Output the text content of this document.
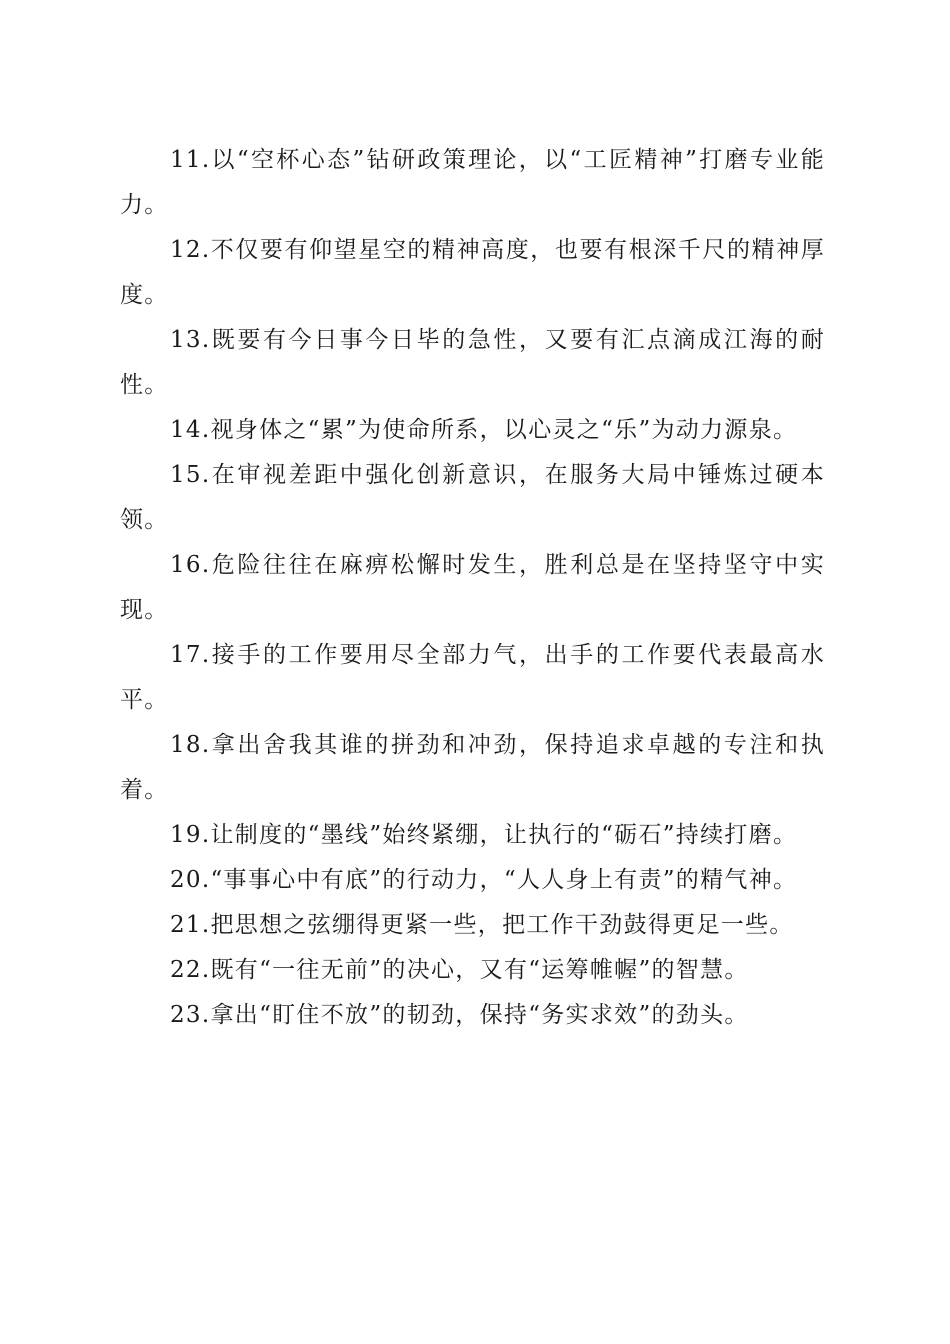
11.以“空杯心态”钻研政策理论，以“工匠精神”打磨专业能力。

12.不仅要有仰望星空的精神高度，也要有根深千尺的精神厚度。

13.既要有今日事今日毕的急性，又要有汇点滴成江海的耐性。

14.视身体之“累”为使命所系，以心灵之“乐”为动力源泉。

15.在审视差距中强化创新意识，在服务大局中锤炼过硬本领。

16.危险往往在麻痹松懈时发生，胜利总是在坚持坚守中实现。

17.接手的工作要用尽全部力气，出手的工作要代表最高水平。

18.拿出舍我其谁的拼劲和冲劲，保持追求卓越的专注和执着。

19.让制度的“墨线”始终紧绷，让执行的“砺石”持续打磨。

20.“事事心中有底”的行动力，“人人身上有责”的精气神。

21.把思想之弦绷得更紧一些，把工作干劲鼓得更足一些。

22.既有“一往无前”的决心，又有“运筹帷幄”的智慧。

23.拿出“盯住不放”的韧劲，保持“务实求效”的劲头。
